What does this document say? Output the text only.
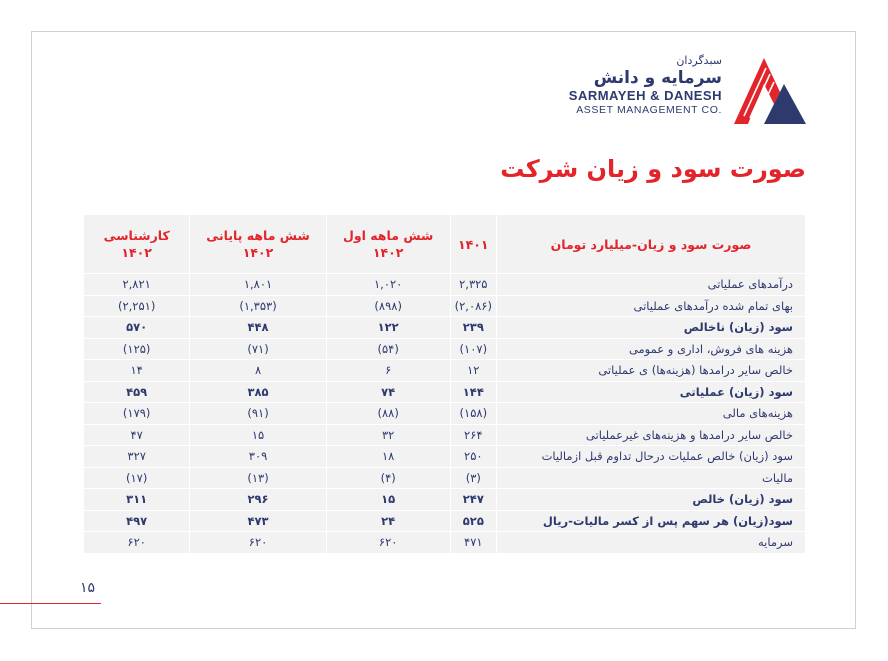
سبدگردان
سرمایه و دانش
SARMAYEH & DANESH
ASSET MANAGEMENT CO.
صورت سود و زیان شرکت
صورت سود و زیان-میلیارد تومان	۱۴۰۱	شش ماهه اول ۱۴۰۲	شش ماهه پایانی ۱۴۰۲	کارشناسی ۱۴۰۲
درآمدهای عملیاتی	۲,۳۲۵	۱,۰۲۰	۱,۸۰۱	۲,۸۲۱
بهای تمام شده درآمدهای عملیاتی	(۲,۰۸۶)	(۸۹۸)	(۱,۳۵۳)	(۲,۲۵۱)
سود (زیان) ناخالص	۲۳۹	۱۲۲	۴۴۸	۵۷۰
هزینه های فروش، اداری و عمومی	(۱۰۷)	(۵۴)	(۷۱)	(۱۲۵)
خالص سایر درامدها (هزینه‌ها) ی عملیاتی	۱۲	۶	۸	۱۴
سود (زیان) عملیاتی	۱۴۴	۷۴	۳۸۵	۴۵۹
هزینه‌های مالی	(۱۵۸)	(۸۸)	(۹۱)	(۱۷۹)
خالص سایر درامدها و هزینه‌های غیرعملیاتی	۲۶۴	۳۲	۱۵	۴۷
سود (زیان) خالص عملیات درحال تداوم قبل ازمالیات	۲۵۰	۱۸	۳۰۹	۳۲۷
مالیات	(۳)	(۴)	(۱۳)	(۱۷)
سود (زیان) خالص	۲۴۷	۱۵	۲۹۶	۳۱۱
سود(زیان) هر سهم پس از کسر مالیات-ریال	۵۲۵	۲۴	۴۷۳	۴۹۷
سرمایه	۴۷۱	۶۲۰	۶۲۰	۶۲۰
۱۵
